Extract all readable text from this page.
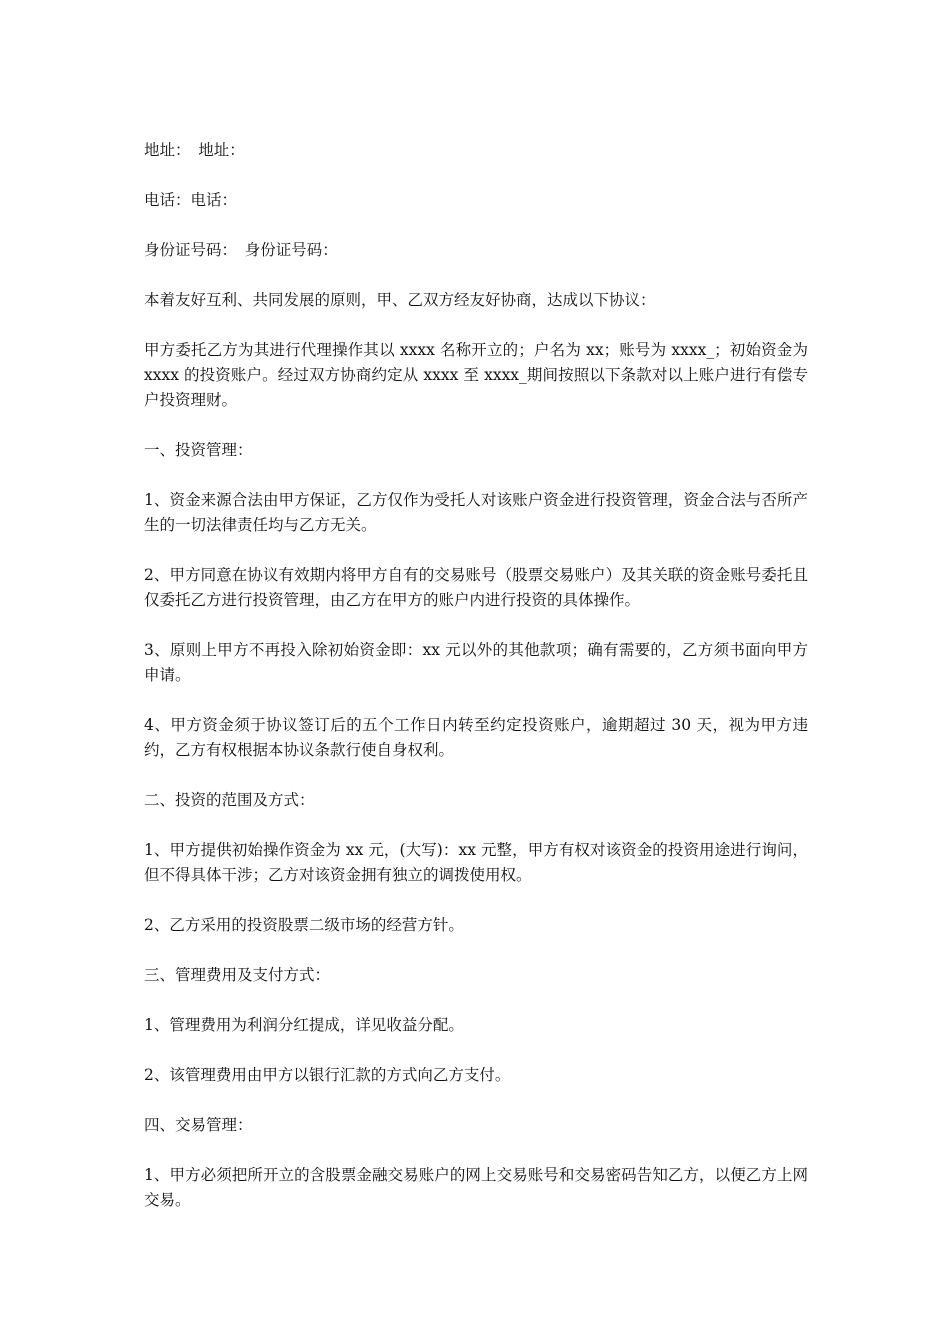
地址：　地址：

电话：电话：

身份证号码：　身份证号码：

本着友好互利、共同发展的原则，甲、乙双方经友好协商，达成以下协议：

甲方委托乙方为其进行代理操作其以 xxxx 名称开立的；户名为 xx；账号为 xxxx_；初始资金为 xxxx 的投资账户。经过双方协商约定从 xxxx 至 xxxx_期间按照以下条款对以上账户进行有偿专户投资理财。

一、投资管理：

1、资金来源合法由甲方保证，乙方仅作为受托人对该账户资金进行投资管理，资金合法与否所产生的一切法律责任均与乙方无关。

2、甲方同意在协议有效期内将甲方自有的交易账号（股票交易账户）及其关联的资金账号委托且仅委托乙方进行投资管理，由乙方在甲方的账户内进行投资的具体操作。

3、原则上甲方不再投入除初始资金即：xx 元以外的其他款项；确有需要的，乙方须书面向甲方申请。

4、甲方资金须于协议签订后的五个工作日内转至约定投资账户，逾期超过 30 天，视为甲方违约，乙方有权根据本协议条款行使自身权利。

二、投资的范围及方式：

1、甲方提供初始操作资金为 xx 元，(大写)：xx 元整，甲方有权对该资金的投资用途进行询问，但不得具体干涉；乙方对该资金拥有独立的调拨使用权。

2、乙方采用的投资股票二级市场的经营方针。

三、管理费用及支付方式：

1、管理费用为利润分红提成，详见收益分配。

2、该管理费用由甲方以银行汇款的方式向乙方支付。

四、交易管理：

1、甲方必须把所开立的含股票金融交易账户的网上交易账号和交易密码告知乙方，以便乙方上网交易。
